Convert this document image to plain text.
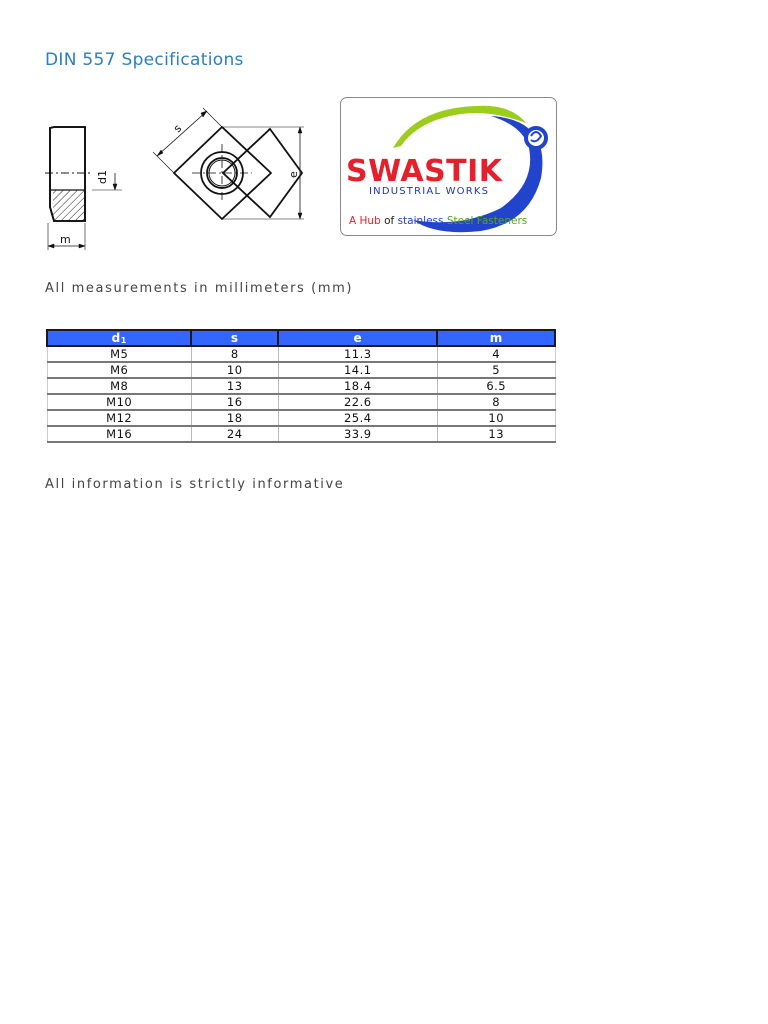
DIN 557 Specifications
d1
m
s
e SWASTIK
INDUSTRIAL WORKS
A Hub of stainless Steel Fasteners

All measurements in millimeters (mm)

$d_1$	s	e	m
M5	8	11.3	4
M6	10	14.1	5
M8	13	18.4	6.5
M10	16	22.6	8
M12	18	25.4	10
M16	24	33.9	13

All information is strictly informative
